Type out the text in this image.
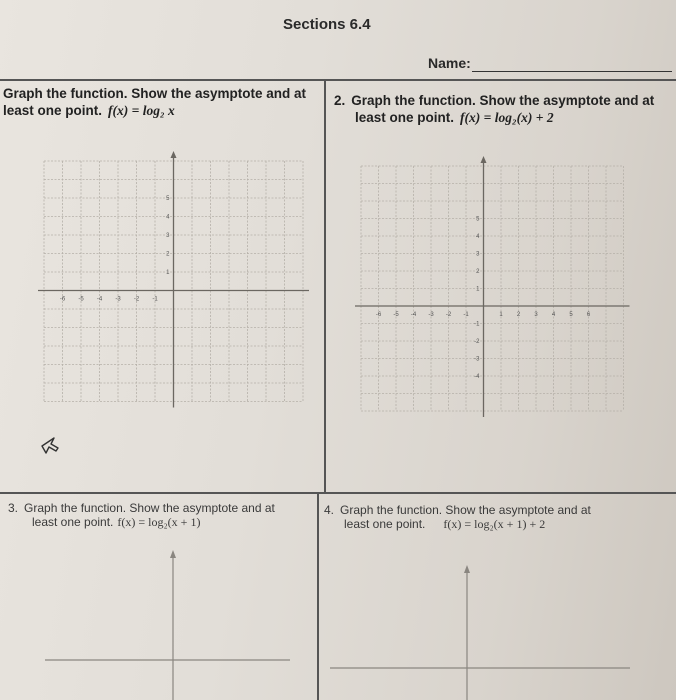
Sections 6.4
Name:
Graph the function. Show the asymptote and at
least one point. f(x) = log₂ x
2. Graph the function. Show the asymptote and at
least one point. f(x) = log₂(x) + 2
3. Graph the function. Show the asymptote and at
least one point. f(x) = log₂(x + 1)
4. Graph the function. Show the asymptote and at
least one point. f(x) = log₂(x + 1) + 2
-6 -5 -4 -3 -2 -1
5
4
3
2
1
-6 -5 -4 -3 -2 -1	1 2 3 4 5 6
5
4
3
2
1
-1
-2
-3
-4
